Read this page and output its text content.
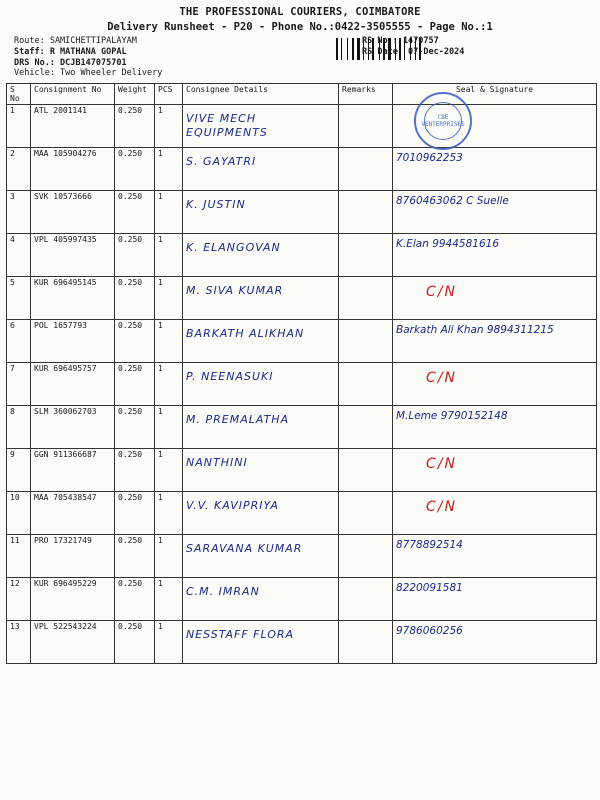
THE PROFESSIONAL COURIERS, COIMBATORE
Delivery Runsheet - P20 - Phone No.:0422-3505555 - Page No.:1
Route: SAMICHETTIPALAYAM
Staff: R MATHANA GOPAL
DRS No.: DCJB147075701
Vehicle: Two Wheeler Delivery
RS No.: 1470757
RS Date: 07-Dec-2024
S No	Consignment No	Weight	PCS	Consignee Details	Remarks	Seal & Signature
1	ATL 2001141	0.250	1	VIVE MECH EQUIPMENTS		

2	MAA 105904276	0.250	1	S. GAYATRI		7010962253

3	SVK 10573666	0.250	1	K. JUSTIN		8760463062 C Suelle

4	VPL 405997435	0.250	1	K. ELANGOVAN		K.Elan 9944581616

5	KUR 696495145	0.250	1	M. SIVA KUMAR		C/N

6	POL 1657793	0.250	1	BARKATH ALIKHAN		Barkath Ali Khan 9894311215

7	KUR 696495757	0.250	1	P. NEENASUKI		C/N

8	SLM 360062703	0.250	1	M. PREMALATHA		M.Leme 9790152148

9	GGN 911366687	0.250	1	NANTHINI		C/N

10	MAA 705438547	0.250	1	V.V. KAVIPRIYA		C/N

11	PRO 17321749	0.250	1	SARAVANA KUMAR		8778892514

12	KUR 696495229	0.250	1	C.M. IMRAN		8220091581

13	VPL 522543224	0.250	1	NESSTAFF FLORA		9786060256
CBE VENTERPRISES
